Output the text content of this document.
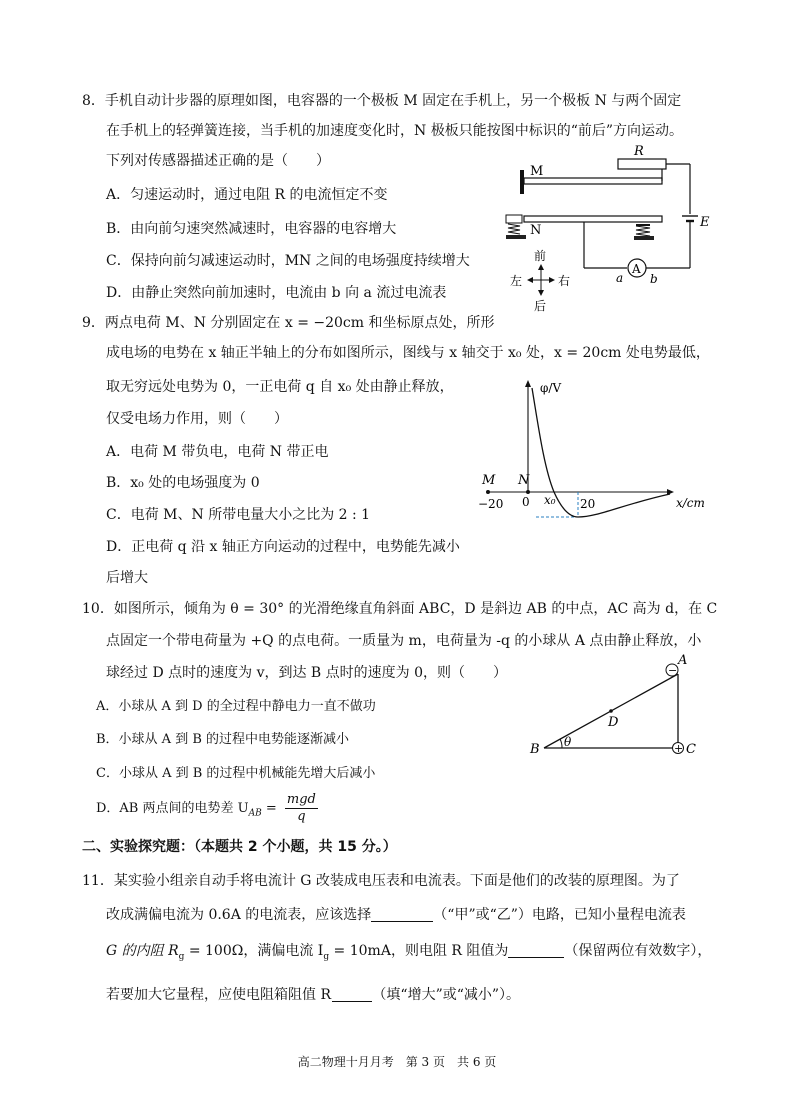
8．手机自动计步器的原理如图，电容器的一个极板 M 固定在手机上，另一个极板 N 与两个固定
在手机上的轻弹簧连接，当手机的加速度变化时，N 极板只能按图中标识的“前后”方向运动。
下列对传感器描述正确的是（　　）
A．匀速运动时，通过电阻 R 的电流恒定不变
B．由向前匀速突然减速时，电容器的电容增大
C．保持向前匀减速运动时，MN 之间的电场强度持续增大
D．由静止突然向前加速时，电流由 b 向 a 流过电流表
M
R
E
N
A
a b
前
后
左	右
9．两点电荷 M、N 分别固定在 x = −20cm 和坐标原点处，所形
成电场的电势在 x 轴正半轴上的分布如图所示，图线与 x 轴交于 x₀ 处，x = 20cm 处电势最低，
取无穷远处电势为 0，一正电荷 q 自 x₀ 处由静止释放，
仅受电场力作用，则（　　）
A．电荷 M 带负电，电荷 N 带正电
B．x₀ 处的电场强度为 0
C．电荷 M、N 所带电量大小之比为 2 : 1
D．正电荷 q 沿 x 轴正方向运动的过程中，电势能先减小
后增大
φ/V
x/cm
M N
−20 0 x₀ 20
10．如图所示，倾角为 θ = 30° 的光滑绝缘直角斜面 ABC，D 是斜边 AB 的中点，AC 高为 d，在 C
点固定一个带电荷量为 +Q 的点电荷。一质量为 m，电荷量为 -q 的小球从 A 点由静止释放，小
球经过 D 点时的速度为 v，到达 B 点时的速度为 0，则（　　）
A．小球从 A 到 D 的全过程中静电力一直不做功
B．小球从 A 到 B 的过程中电势能逐渐减小
C．小球从 A 到 B 的过程中机械能先增大后减小
D．AB 两点间的电势差 $U_{AB} = \frac{\text{mgd}}{q}$
θ
D
−
A
+ C
B
二、实验探究题：（本题共 2 个小题，共 15 分。）
11．某实验小组亲自动手将电流计 G 改装成电压表和电流表。下面是他们的改装的原理图。为了
改成满偏电流为 0.6A 的电流表，应该选择	（“甲”或“乙”）电路，已知小量程电流表
G 的内阻 $R_g = 100\Omega$，满偏电流 $I_g = 10mA$，则电阻 R 阻值为	（保留两位有效数字），
若要加大它量程，应使电阻箱阻值 R 	（填“增大”或“减小”）。
高二物理十月月考　第 3 页　共 6 页
